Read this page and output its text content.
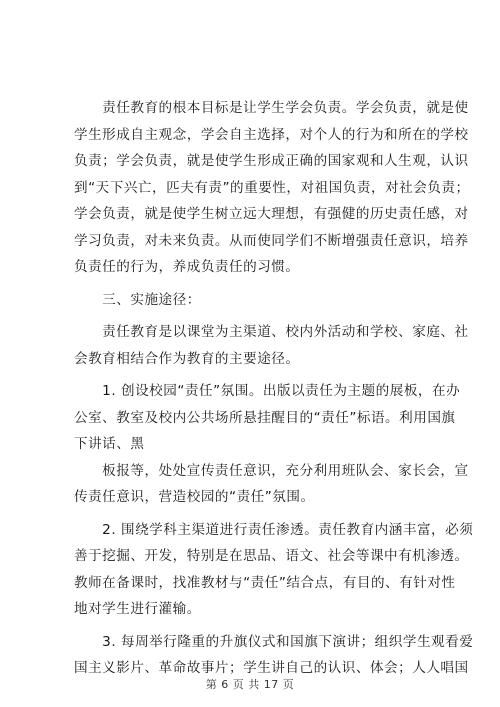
　　责任教育的根本目标是让学生学会负责。学会负责，就是使

学生形成自主观念，学会自主选择，对个人的行为和所在的学校

负责；学会负责，就是使学生形成正确的国家观和人生观，认识

到“天下兴亡，匹夫有责”的重要性，对祖国负责，对社会负责；

学会负责，就是使学生树立远大理想，有强健的历史责任感，对

学习负责，对未来负责。从而使同学们不断增强责任意识，培养

负责任的行为，养成负责任的习惯。

　　三、实施途径：

　　责任教育是以课堂为主渠道、校内外活动和学校、家庭、社

会教育相结合作为教育的主要途径。

　　1. 创设校园“责任”氛围。出版以责任为主题的展板，在办

公室、教室及校内公共场所悬挂醒目的“责任”标语。利用国旗

下讲话、黑

　　板报等，处处宣传责任意识，充分利用班队会、家长会，宣

传责任意识，营造校园的“责任”氛围。

　　2. 围绕学科主渠道进行责任渗透。责任教育内涵丰富，必须

善于挖掘、开发，特别是在思品、语文、社会等课中有机渗透。

教师在备课时，找准教材与“责任”结合点，有目的、有针对性

地对学生进行灌输。

　　3. 每周举行隆重的升旗仪式和国旗下演讲；组织学生观看爱

国主义影片、革命故事片；学生讲自己的认识、体会；人人唱国

第 6 页 共 17 页
